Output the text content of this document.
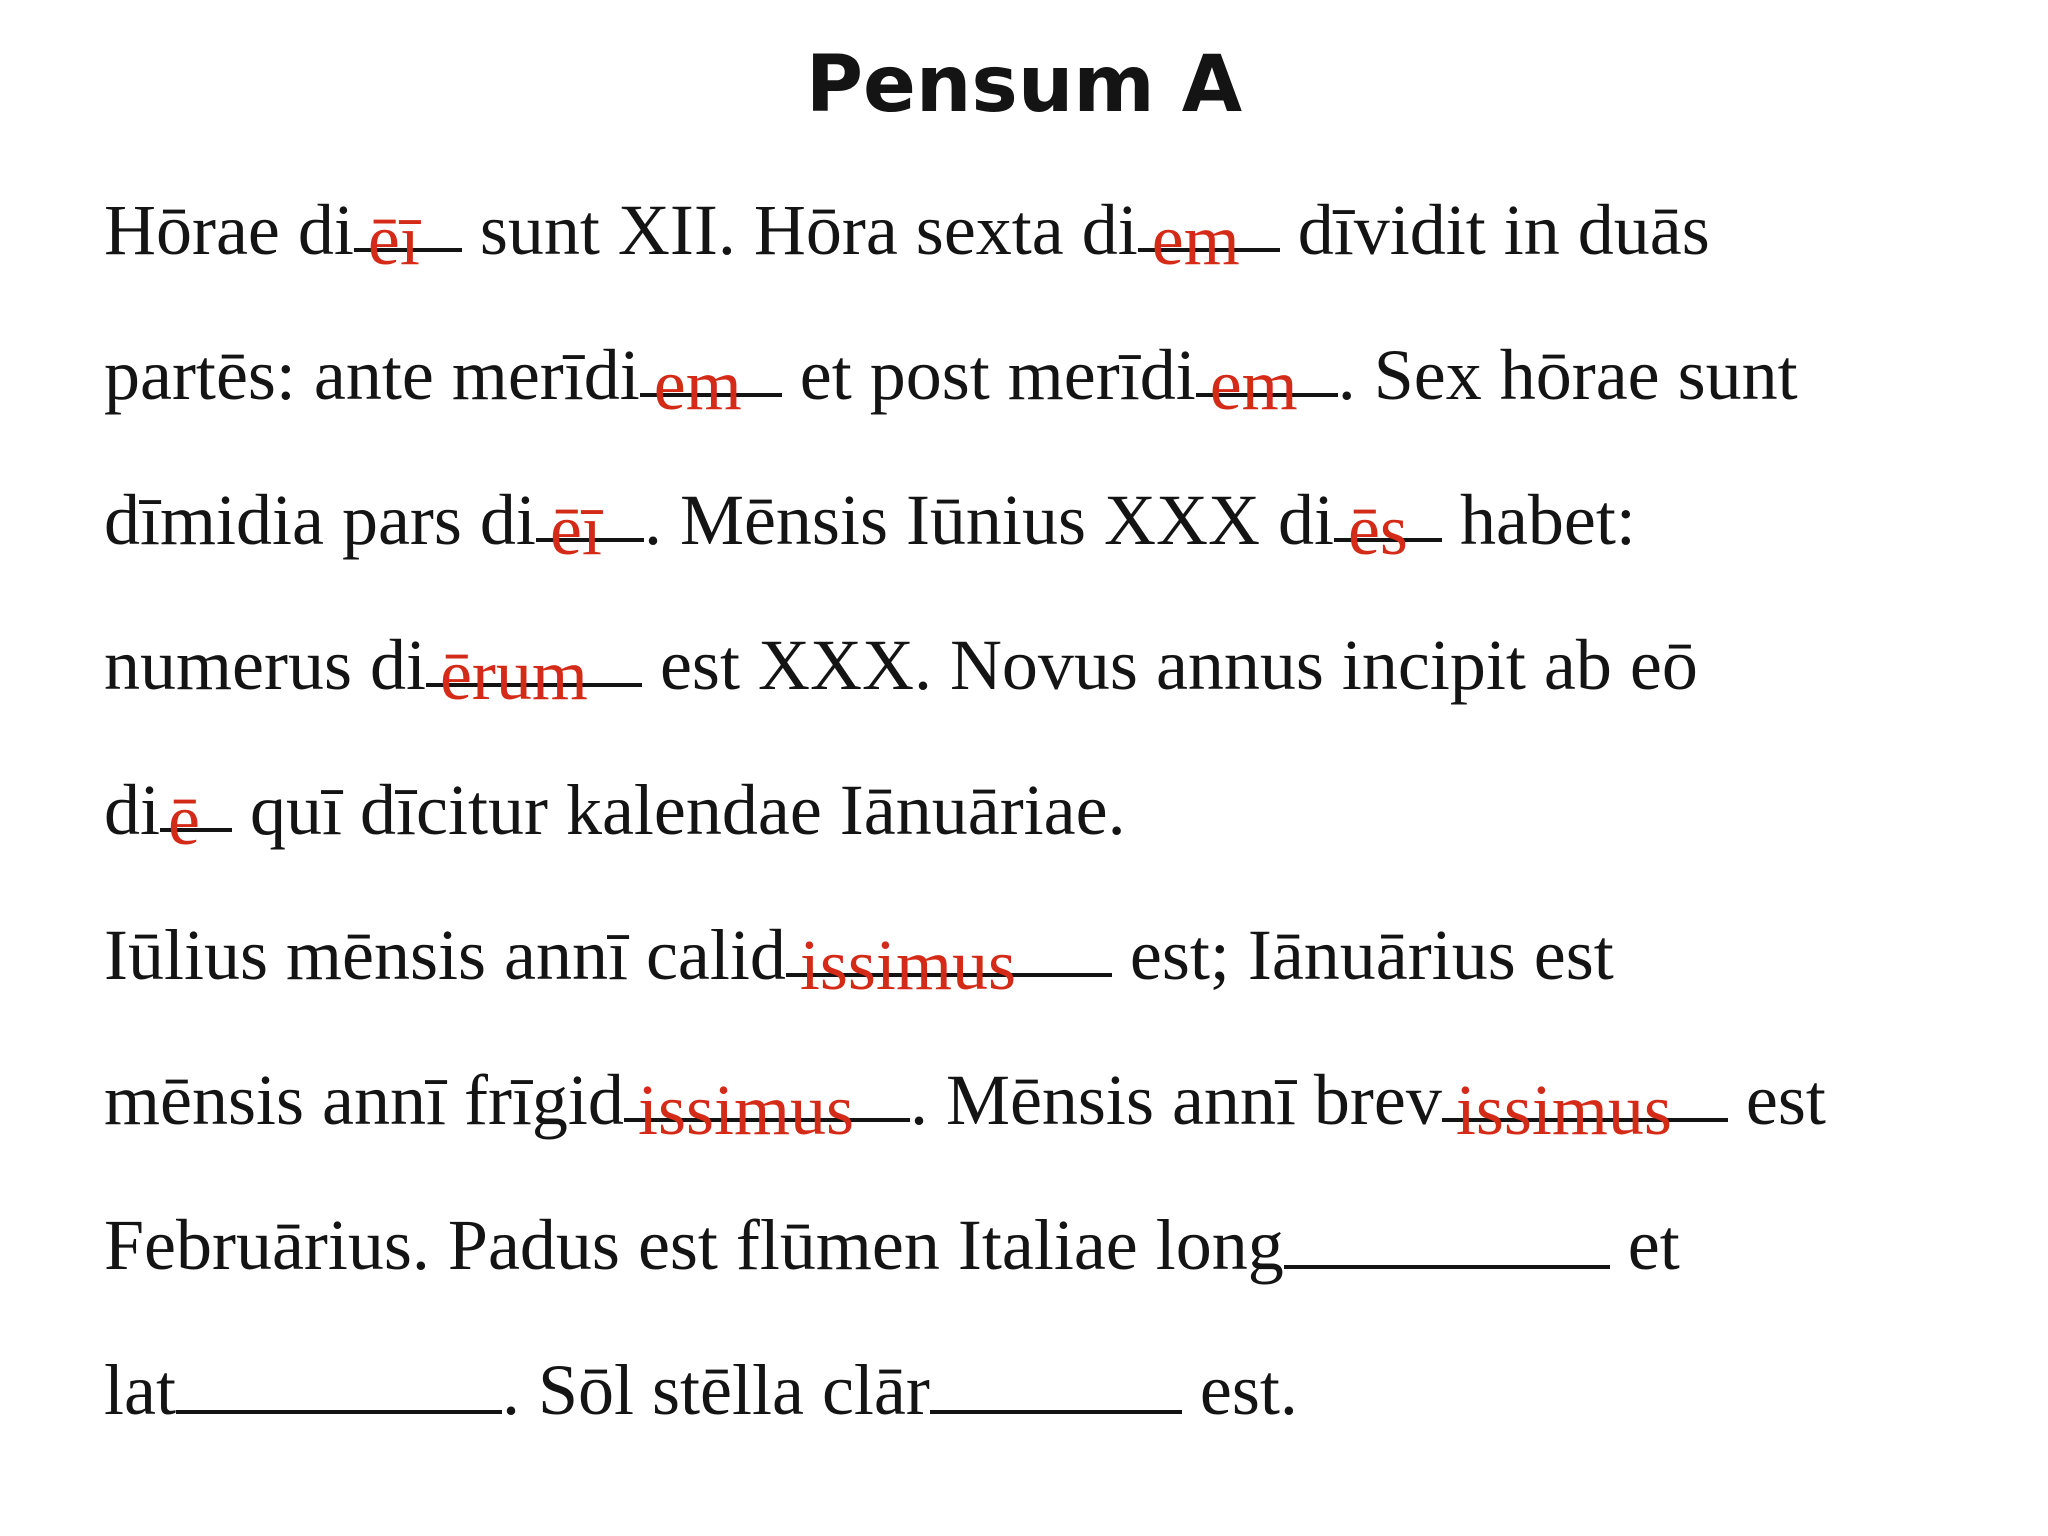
Pensum A
Hōrae di ēī sunt XII. Hōra sexta di em dīvidit in duās
partēs: ante merīdi em et post merīdi em . Sex hōrae sunt
dīmidia pars di ēī . Mēnsis Iūnius XXX di ēs habet:
numerus di ērum est XXX. Novus annus incipit ab eō
di ē quī dīcitur kalendae Iānuāriae.
Iūlius mēnsis annī calid issimus est; Iānuārius est
mēnsis annī frīgid issimus . Mēnsis annī brev issimus est
Februārius. Padus est flūmen Italiae long	et
lat	. Sōl stēlla clār	est.
